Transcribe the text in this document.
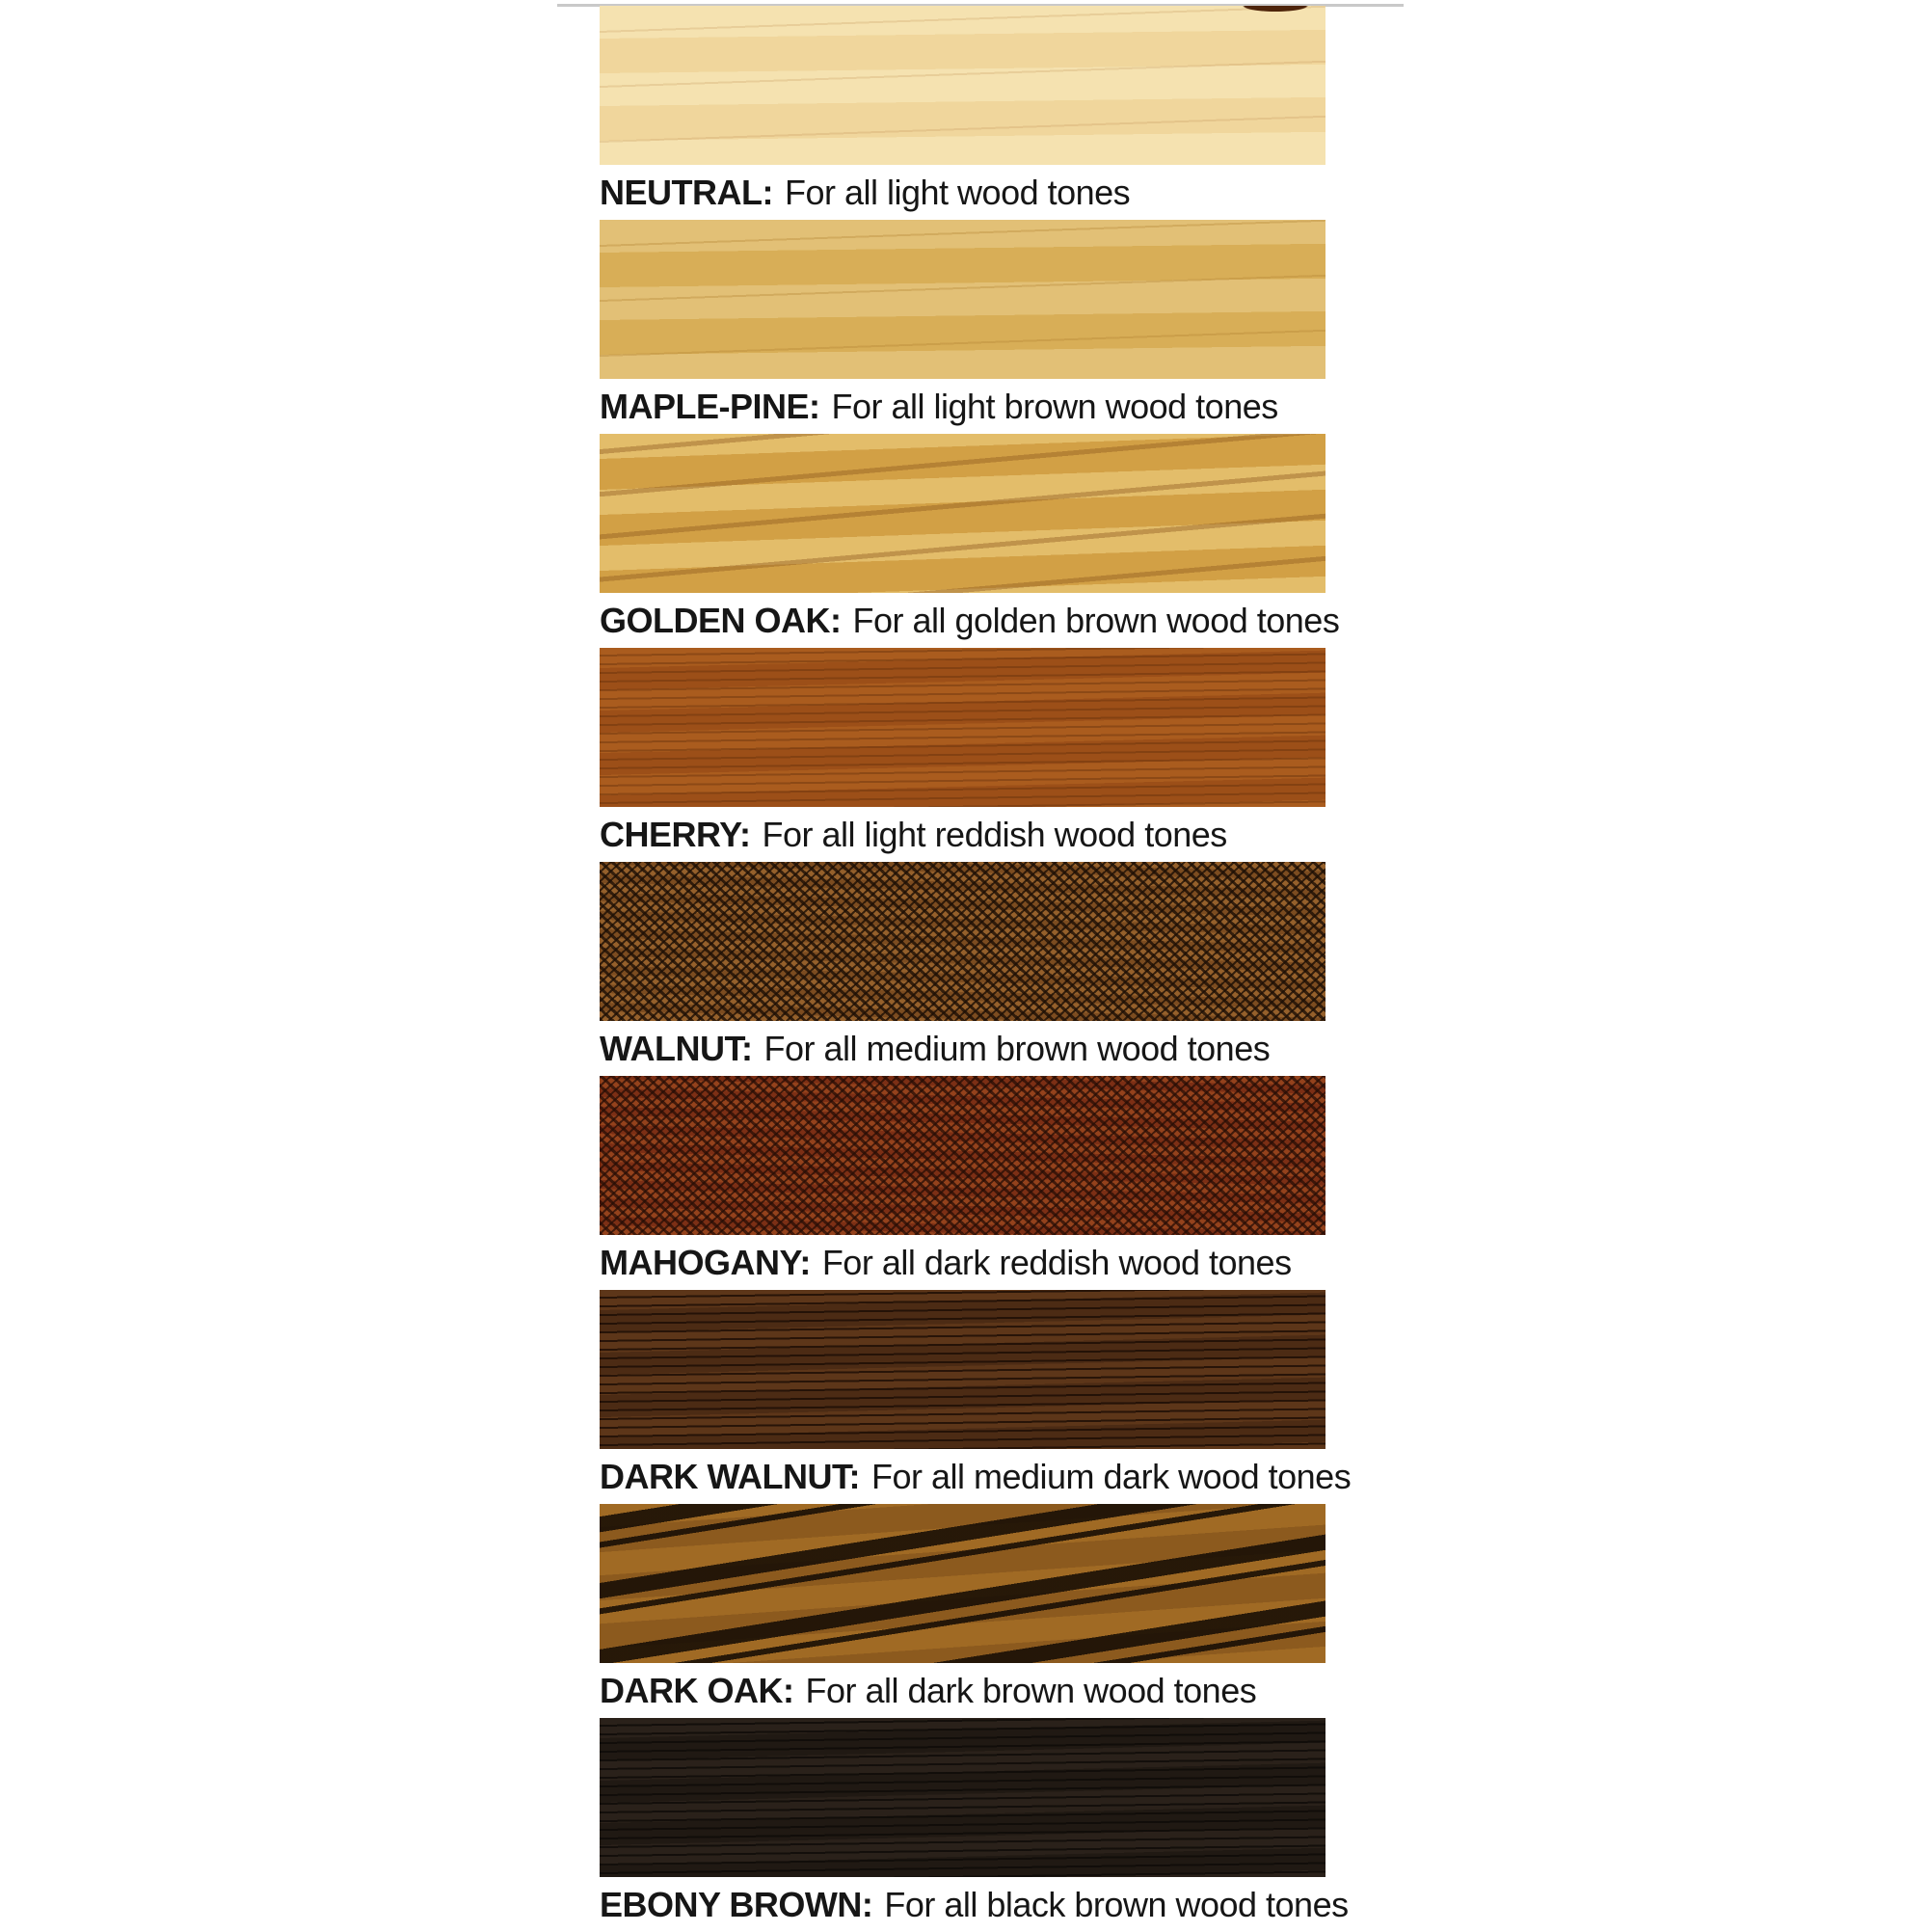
NEUTRAL: For all light wood tones
MAPLE-PINE: For all light brown wood tones
GOLDEN OAK: For all golden brown wood tones
CHERRY: For all light reddish wood tones
WALNUT: For all medium brown wood tones
MAHOGANY: For all dark reddish wood tones
DARK WALNUT: For all medium dark wood tones
DARK OAK: For all dark brown wood tones
EBONY BROWN: For all black brown wood tones
